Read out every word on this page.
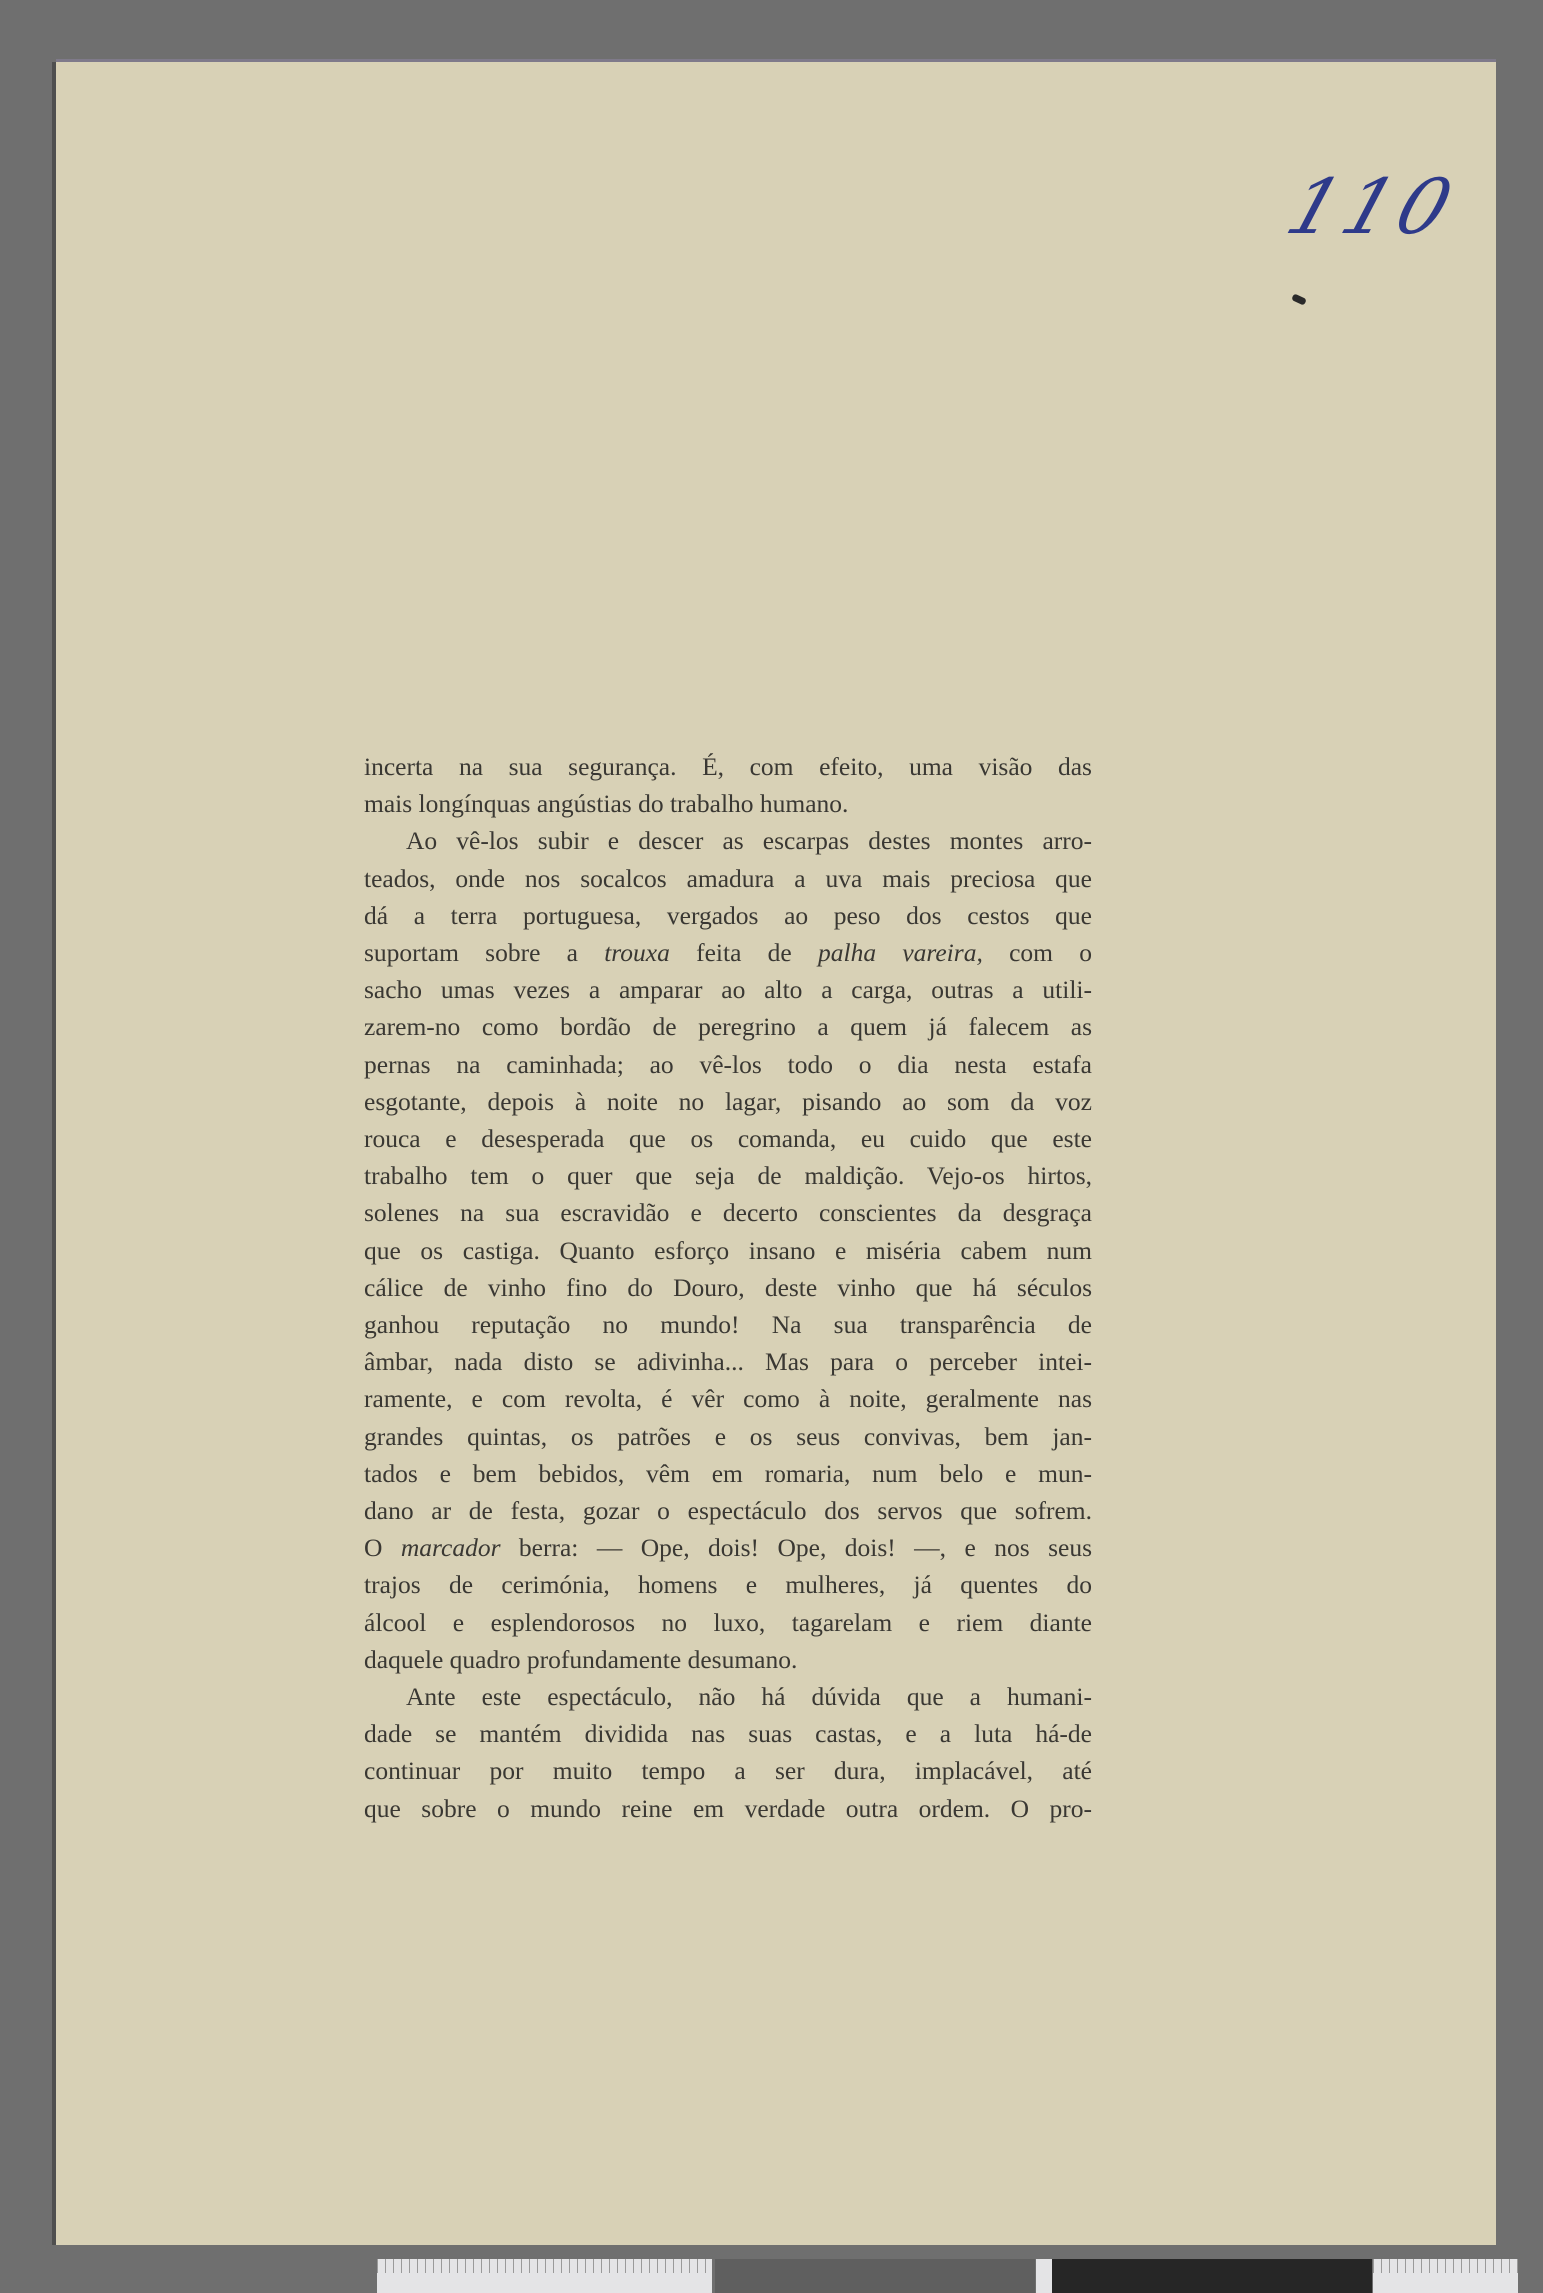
110
incerta na sua segurança. É, com efeito, uma visão das
mais longínquas angústias do trabalho humano.
Ao vê-los subir e descer as escarpas destes montes arro-
teados, onde nos socalcos amadura a uva mais preciosa que
dá a terra portuguesa, vergados ao peso dos cestos que
suportam sobre a trouxa feita de palha vareira, com o
sacho umas vezes a amparar ao alto a carga, outras a utili-
zarem-no como bordão de peregrino a quem já falecem as
pernas na caminhada; ao vê-los todo o dia nesta estafa
esgotante, depois à noite no lagar, pisando ao som da voz
rouca e desesperada que os comanda, eu cuido que este
trabalho tem o quer que seja de maldição. Vejo-os hirtos,
solenes na sua escravidão e decerto conscientes da desgraça
que os castiga. Quanto esforço insano e miséria cabem num
cálice de vinho fino do Douro, deste vinho que há séculos
ganhou reputação no mundo! Na sua transparência de
âmbar, nada disto se adivinha... Mas para o perceber intei-
ramente, e com revolta, é vêr como à noite, geralmente nas
grandes quintas, os patrões e os seus convivas, bem jan-
tados e bem bebidos, vêm em romaria, num belo e mun-
dano ar de festa, gozar o espectáculo dos servos que sofrem.
O marcador berra: — Ope, dois! Ope, dois! —, e nos seus
trajos de cerimónia, homens e mulheres, já quentes do
álcool e esplendorosos no luxo, tagarelam e riem diante
daquele quadro profundamente desumano.
Ante este espectáculo, não há dúvida que a humani-
dade se mantém dividida nas suas castas, e a luta há-de
continuar por muito tempo a ser dura, implacável, até
que sobre o mundo reine em verdade outra ordem. O pro-
